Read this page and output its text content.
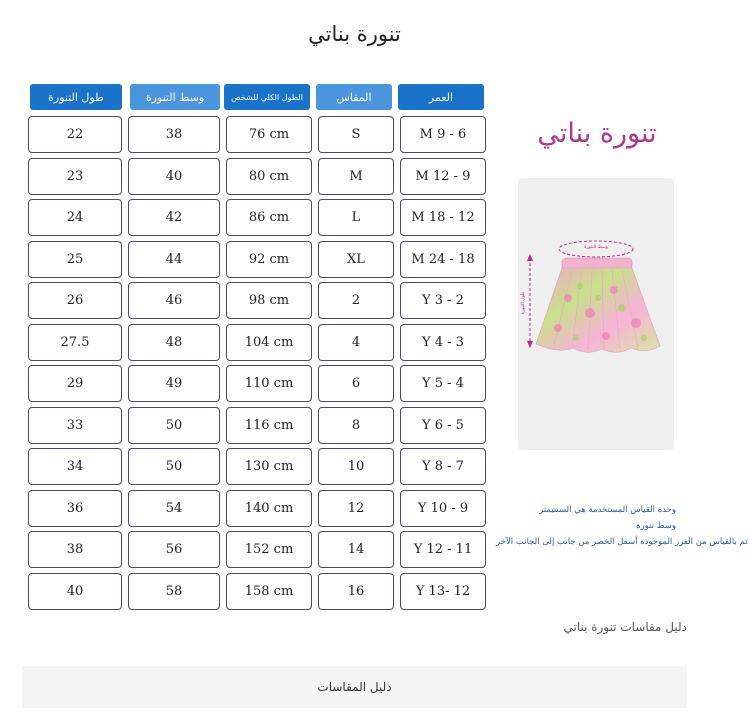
تنورة بناتي
طول التنورة	وسط التنورة	الطول الكلي للشخص	المقاس	العمر
22	38	76 cm	S	M 9 - 6
23	40	80 cm	M	M 12 - 9
24	42	86 cm	L	M 18 - 12
25	44	92 cm	XL	M 24 - 18
26	46	98 cm	2	Y 3 - 2
27.5	48	104 cm	4	Y 4 - 3
29	49	110 cm	6	Y 5 - 4
33	50	116 cm	8	Y 6 - 5
34	50	130 cm	10	Y 8 - 7
36	54	140 cm	12	Y 10 - 9
38	56	152 cm	14	Y 12 - 11
40	58	158 cm	16	Y 13- 12
تنورة بناتي
وسط التنورة
طول التنورة
وحدة القياس المستخدمة هي السنتيمتر
وسط تنورة
تم بالقياس من الفرز الموجودة أسفل الخصر من جانب إلى الجانب الآخر
دليل مقاسات تنورة بناتي
دليل المقاسات
